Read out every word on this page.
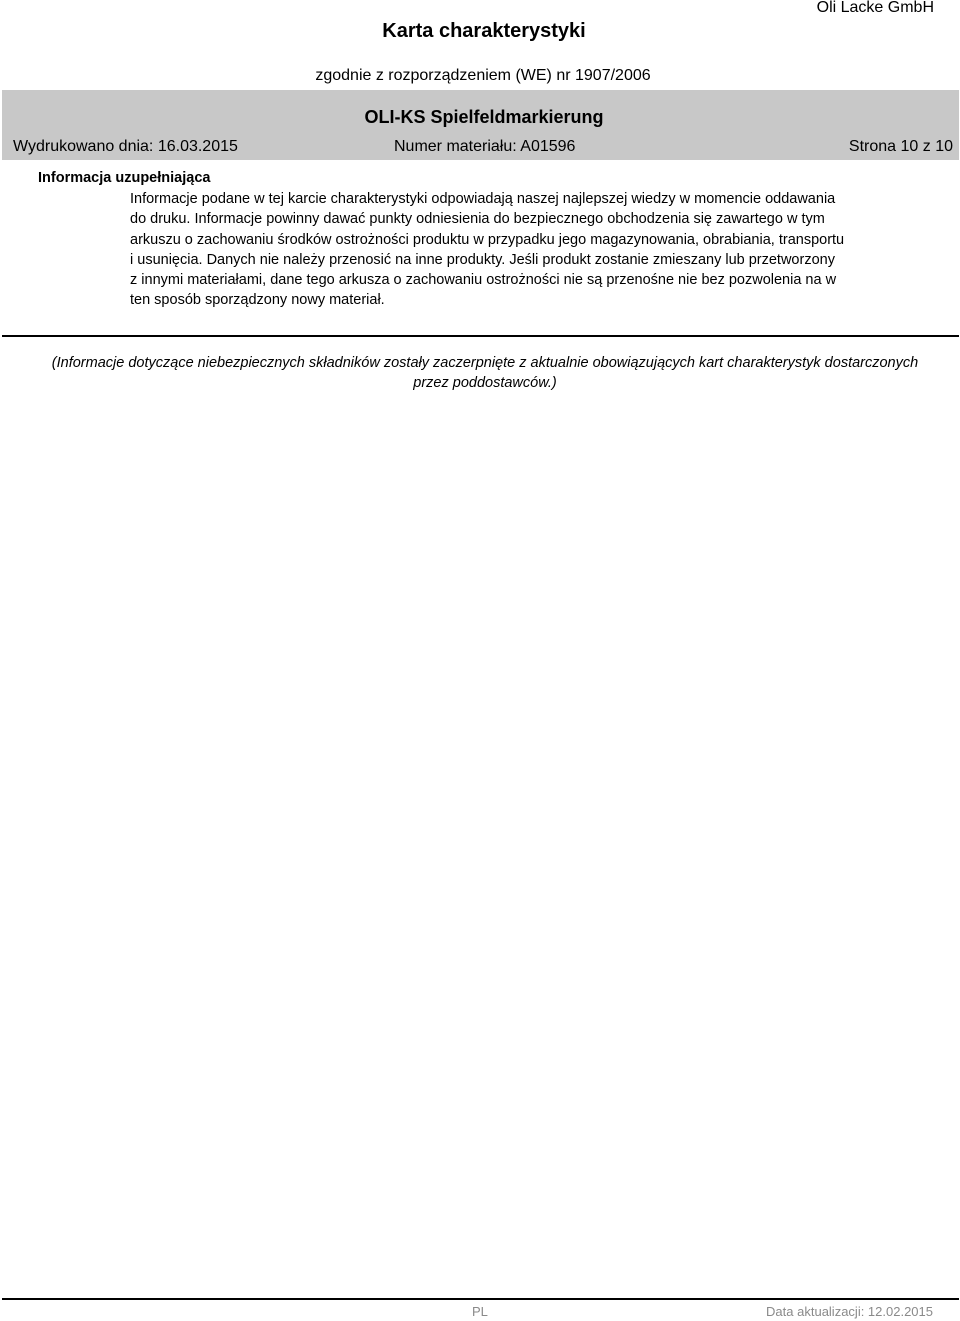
Oli Lacke GmbH
Karta charakterystyki
zgodnie z rozporządzeniem (WE) nr 1907/2006
OLI-KS Spielfeldmarkierung
Wydrukowano dnia: 16.03.2015	Numer materiału: A01596	Strona 10 z 10
Informacja uzupełniająca

Informacje podane w tej karcie charakterystyki odpowiadają naszej najlepszej wiedzy w momencie oddawania do druku. Informacje powinny dawać punkty odniesienia do bezpiecznego obchodzenia się zawartego w tym arkuszu o zachowaniu środków ostrożności produktu w przypadku jego magazynowania, obrabiania, transportu i usunięcia. Danych nie należy przenosić na inne produkty. Jeśli produkt zostanie zmieszany lub przetworzony z innymi materiałami, dane tego arkusza o zachowaniu ostrożności nie są przenośne nie bez pozwolenia na w ten sposób sporządzony nowy materiał.

(Informacje dotyczące niebezpiecznych składników zostały zaczerpnięte z aktualnie obowiązujących kart charakterystyk dostarczonych przez poddostawców.)

PL	Data aktualizacji: 12.02.2015
